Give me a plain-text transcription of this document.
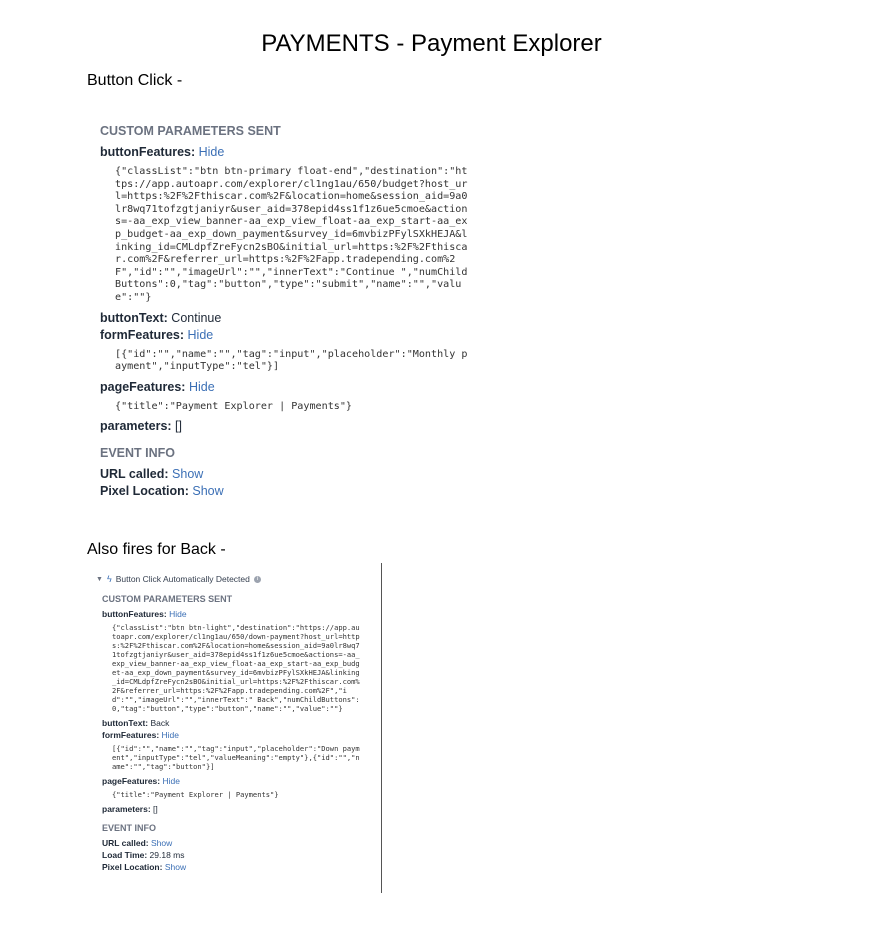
PAYMENTS - Payment Explorer
Button Click -
CUSTOM PARAMETERS SENT
buttonFeatures: Hide
{"classList":"btn btn-primary float-end","destination":"ht
tps://app.autoapr.com/explorer/cl1ng1au/650/budget?host_ur
l=https:%2F%2Fthiscar.com%2F&location=home&session_aid=9a0
lr8wq71tofzgtjaniyr&user_aid=378epid4ss1f1z6ue5cmoe&action
s=-aa_exp_view_banner-aa_exp_view_float-aa_exp_start-aa_ex
p_budget-aa_exp_down_payment&survey_id=6mvbizPFylSXkHEJA&l
inking_id=CMLdpfZreFycn2sBO&initial_url=https:%2F%2Fthisca
r.com%2F&referrer_url=https:%2F%2Fapp.tradepending.com%2
F","id":"","imageUrl":"","innerText":"Continue ","numChild
Buttons":0,"tag":"button","type":"submit","name":"","valu
e":""}
buttonText: Continue
formFeatures: Hide
[{"id":"","name":"","tag":"input","placeholder":"Monthly p
ayment","inputType":"tel"}]
pageFeatures: Hide
{"title":"Payment Explorer | Payments"}
parameters: []
EVENT INFO
URL called: Show
Pixel Location: Show
Also fires for Back -
▼ ϟ Button Click Automatically Detected	i
CUSTOM PARAMETERS SENT
buttonFeatures: Hide
{"classList":"btn btn-light","destination":"https://app.au
toapr.com/explorer/cl1ng1au/650/down-payment?host_url=http
s:%2F%2Fthiscar.com%2F&location=home&session_aid=9a0lr8wq7
1tofzgtjaniyr&user_aid=378epid4ss1f1z6ue5cmoe&actions=-aa_
exp_view_banner-aa_exp_view_float-aa_exp_start-aa_exp_budg
et-aa_exp_down_payment&survey_id=6mvbizPFylSXkHEJA&linking
_id=CMLdpfZreFycn2sBO&initial_url=https:%2F%2Fthiscar.com%
2F&referrer_url=https:%2F%2Fapp.tradepending.com%2F","i
d":"","imageUrl":"","innerText":" Back","numChildButtons":
0,"tag":"button","type":"button","name":"","value":""}
buttonText: Back
formFeatures: Hide
[{"id":"","name":"","tag":"input","placeholder":"Down paym
ent","inputType":"tel","valueMeaning":"empty"},{"id":"","n
ame":"","tag":"button"}]
pageFeatures: Hide
{"title":"Payment Explorer | Payments"}
parameters: []
EVENT INFO
URL called: Show
Load Time: 29.18 ms
Pixel Location: Show
